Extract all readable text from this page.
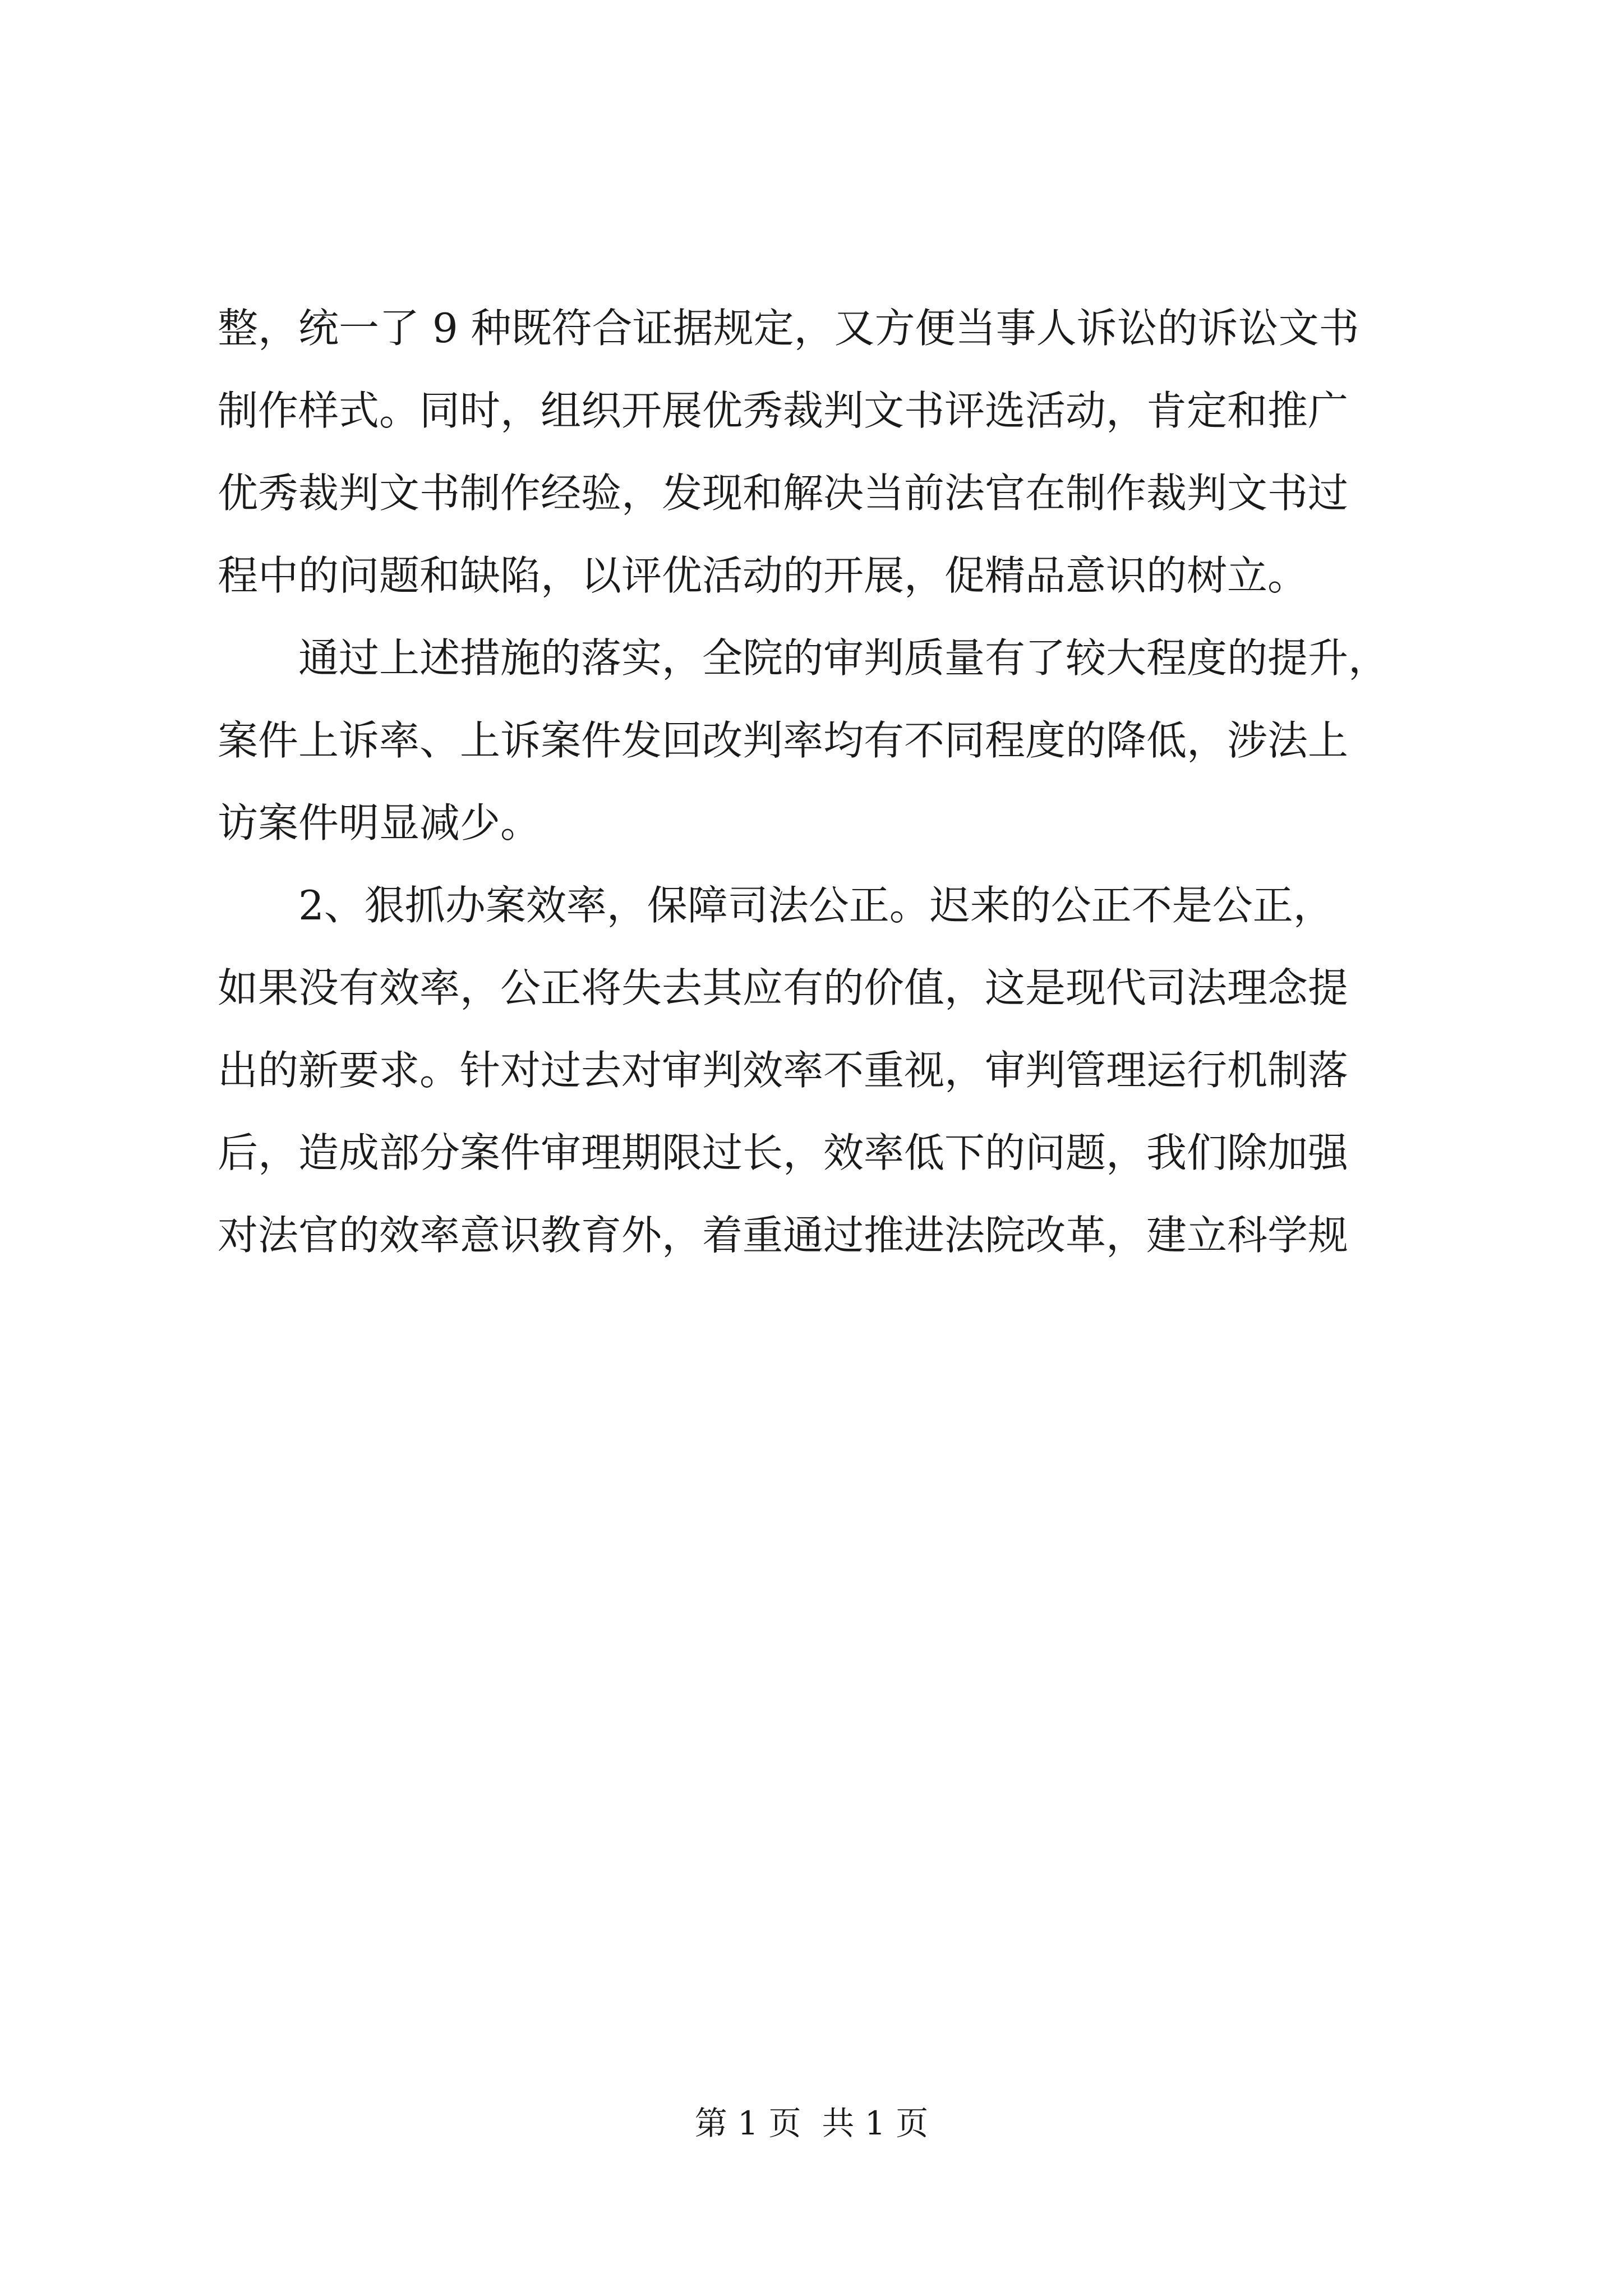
整，统一了 9 种既符合证据规定，又方便当事人诉讼的诉讼文书
制作样式。同时，组织开展优秀裁判文书评选活动，肯定和推广
优秀裁判文书制作经验，发现和解决当前法官在制作裁判文书过
程中的问题和缺陷，以评优活动的开展，促精品意识的树立。
　　通过上述措施的落实，全院的审判质量有了较大程度的提升，
案件上诉率、上诉案件发回改判率均有不同程度的降低，涉法上
访案件明显减少。
　　2、狠抓办案效率，保障司法公正。迟来的公正不是公正，
如果没有效率，公正将失去其应有的价值，这是现代司法理念提
出的新要求。针对过去对审判效率不重视，审判管理运行机制落
后，造成部分案件审理期限过长，效率低下的问题，我们除加强
对法官的效率意识教育外，着重通过推进法院改革，建立科学规
第 1 页  共 1 页
